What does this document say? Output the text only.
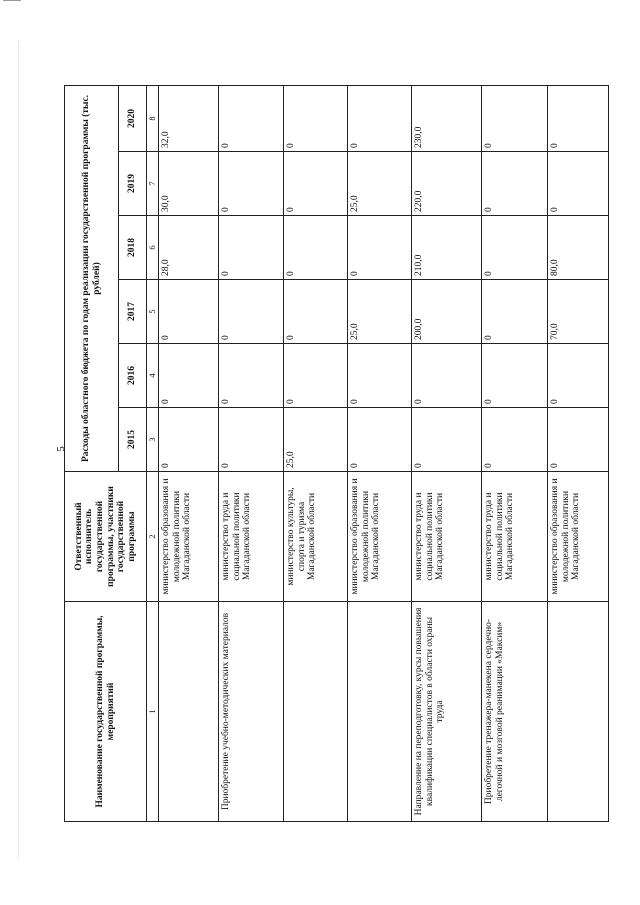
5
Наименование государственной программы, мероприятий	Ответственный исполнитель государственной программы, участники государственной программы	Расходы областного бюджета по годам реализации государственной программы (тыс. рублей)					
		2015	2016	2017	2018	2019	2020
1	2	3	4	5	6	7	8
	министерство образования и молодежной политики Магаданской области	0	0	0	28,0	30,0	32,0
Приобретение учебно-методических материалов	министерство труда и социальной политики Магаданской области	0	0	0	0	0	0
	министерство культуры, спорта и туризма Магаданской области	25,0	0	0	0	0	0
	министерство образования и молодежной политики Магаданской области	0	0	25,0	0	25,0	0
Направление на переподготовку, курсы повышения квалификации специалистов в области охраны труда	министерство труда и социальной политики Магаданской области	0	0	200,0	210,0	220,0	230,0
Приобретение тренажера-манекена сердечно-легочной и мозговой реанимации «Максим»	министерство труда и социальной политики Магаданской области	0	0	0	0	0	0
	министерство образования и молодежной политики Магаданской области	0	0	70,0	80,0	0	0
